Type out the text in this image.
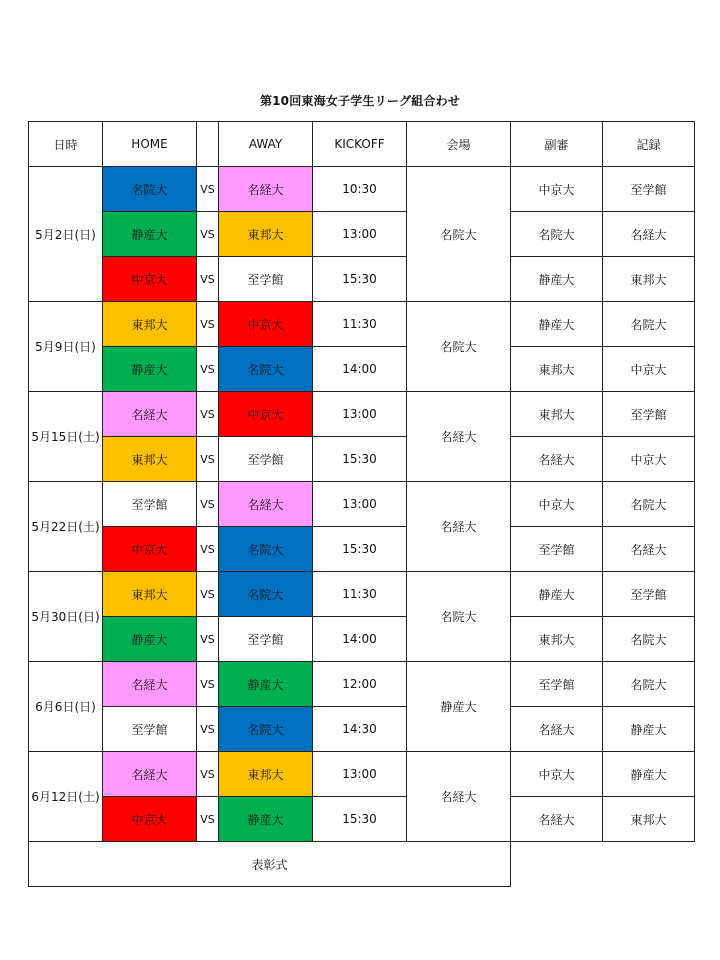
第10回東海女子学生リーグ組合わせ
日時	HOME		AWAY	KICKOFF	会場	副審	記録
5月2日(日)	名院大	VS	名経大	10:30	名院大	中京大	至学館
	静産大	VS	東邦大	13:00		名院大	名経大
	中京大	VS	至学館	15:30		静産大	東邦大
5月9日(日)	東邦大	VS	中京大	11:30	名院大	静産大	名院大
	静産大	VS	名院大	14:00		東邦大	中京大
5月15日(土)	名経大	VS	中京大	13:00	名経大	東邦大	至学館
	東邦大	VS	至学館	15:30		名経大	中京大
5月22日(土)	至学館	VS	名経大	13:00	名経大	中京大	名院大
	中京大	VS	名院大	15:30		至学館	名経大
5月30日(日)	東邦大	VS	名院大	11:30	名院大	静産大	至学館
	静産大	VS	至学館	14:00		東邦大	名院大
6月6日(日)	名経大	VS	静産大	12:00	静産大	至学館	名院大
	至学館	VS	名院大	14:30		名経大	静産大
6月12日(土)	名経大	VS	東邦大	13:00	名経大	中京大	静産大
	中京大	VS	静産大	15:30		名経大	東邦大
表彰式							
